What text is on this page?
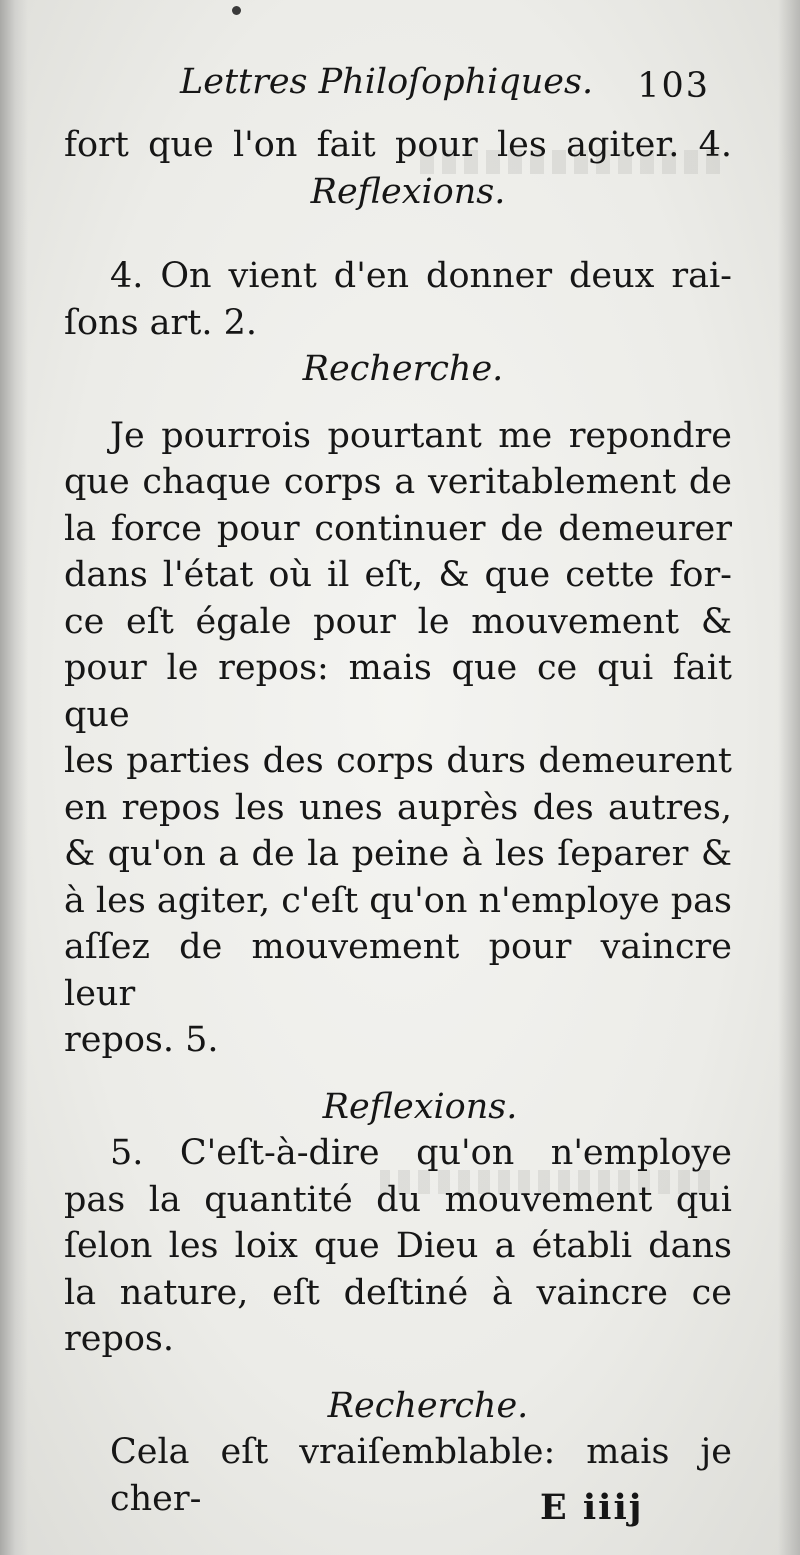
Lettres Philoſophiques. 103
fort que l'on fait pour les agiter. 4.
Reflexions.
4. On vient d'en donner deux rai-
ſons art. 2.
Recherche.
Je pourrois pourtant me repondre
que chaque corps a veritablement de
la force pour continuer de demeurer
dans l'état où il eſt, & que cette for-
ce eſt égale pour le mouvement &
pour le repos: mais que ce qui fait que
les parties des corps durs demeurent
en repos les unes auprès des autres,
& qu'on a de la peine à les ſeparer &
à les agiter, c'eſt qu'on n'employe pas
aſſez de mouvement pour vaincre leur
repos. 5.
Reflexions.
5. C'eſt-à-dire qu'on n'employe
pas la quantité du mouvement qui
ſelon les loix que Dieu a établi dans
la nature, eſt deſtiné à vaincre ce
repos.
Recherche.
Cela eſt vraiſemblable: mais je cher-	E iiij
